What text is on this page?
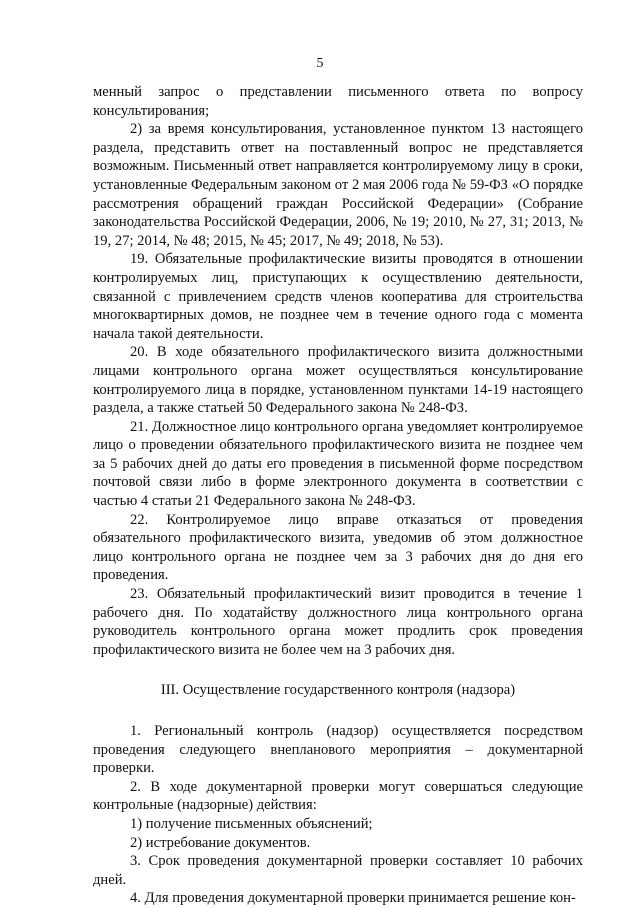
5

менный запрос о представлении письменного ответа по вопросу консультирования;

2) за время консультирования, установленное пунктом 13 настоящего раздела, представить ответ на поставленный вопрос не представляется возможным. Письменный ответ направляется контролируемому лицу в сроки, установленные Федеральным законом от 2 мая 2006 года № 59-ФЗ «О порядке рассмотрения обращений граждан Российской Федерации» (Собрание законодательства Российской Федерации, 2006, № 19; 2010, № 27, 31; 2013, № 19, 27; 2014, № 48; 2015, № 45; 2017, № 49; 2018, № 53).

19. Обязательные профилактические визиты проводятся в отношении контролируемых лиц, приступающих к осуществлению деятельности, связанной с привлечением средств членов кооператива для строительства многоквартирных домов, не позднее чем в течение одного года с момента начала такой деятельности.

20. В ходе обязательного профилактического визита должностными лицами контрольного органа может осуществляться консультирование контролируемого лица в порядке, установленном пунктами 14-19 настоящего раздела, а также статьей 50 Федерального закона № 248-ФЗ.

21. Должностное лицо контрольного органа уведомляет контролируемое лицо о проведении обязательного профилактического визита не позднее чем за 5 рабочих дней до даты его проведения в письменной форме посредством почтовой связи либо в форме электронного документа в соответствии с частью 4 статьи 21 Федерального закона № 248-ФЗ.

22. Контролируемое лицо вправе отказаться от проведения обязательного профилактического визита, уведомив об этом должностное лицо контрольного органа не позднее чем за 3 рабочих дня до дня его проведения.

23. Обязательный профилактический визит проводится в течение 1 рабочего дня. По ходатайству должностного лица контрольного органа руководитель контрольного органа может продлить срок проведения профилактического визита не более чем на 3 рабочих дня.

III. Осуществление государственного контроля (надзора)

1. Региональный контроль (надзор) осуществляется посредством проведения следующего внепланового мероприятия – документарной проверки.

2. В ходе документарной проверки могут совершаться следующие контрольные (надзорные) действия:

1) получение письменных объяснений;

2) истребование документов.

3. Срок проведения документарной проверки составляет 10 рабочих дней.

4. Для проведения документарной проверки принимается решение кон-
